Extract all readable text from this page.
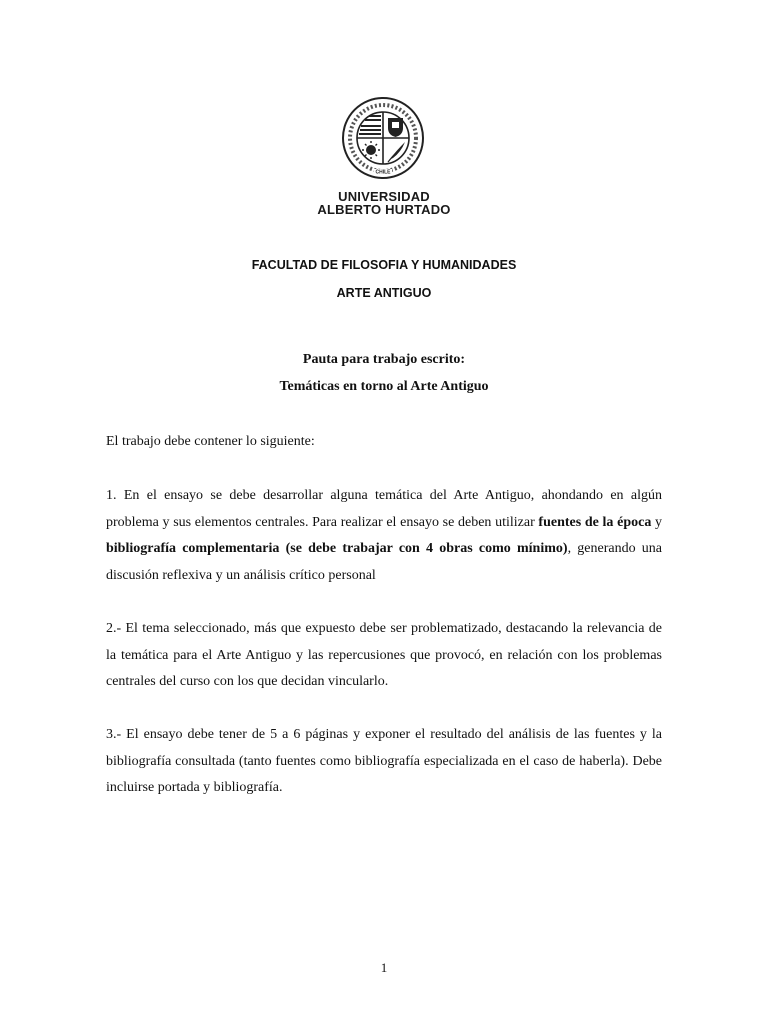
CHILE
UNIVERSIDAD
ALBERTO HURTADO
FACULTAD DE FILOSOFIA Y HUMANIDADES
ARTE ANTIGUO
Pauta para trabajo escrito:
Temáticas en torno al Arte Antiguo
El trabajo debe contener lo siguiente:
1. En el ensayo se debe desarrollar alguna temática del Arte Antiguo, ahondando en algún problema y sus elementos centrales. Para realizar el ensayo se deben utilizar fuentes de la época y bibliografía complementaria (se debe trabajar con 4 obras como mínimo), generando una discusión reflexiva y un análisis crítico personal
2.- El tema seleccionado, más que expuesto debe ser problematizado, destacando la relevancia de la temática para el Arte Antiguo y las repercusiones que provocó, en relación con los problemas centrales del curso con los que decidan vincularlo.
3.- El ensayo debe tener de 5 a 6 páginas y exponer el resultado del análisis de las fuentes y la bibliografía consultada (tanto fuentes como bibliografía especializada en el caso de haberla). Debe incluirse portada y bibliografía.
1
